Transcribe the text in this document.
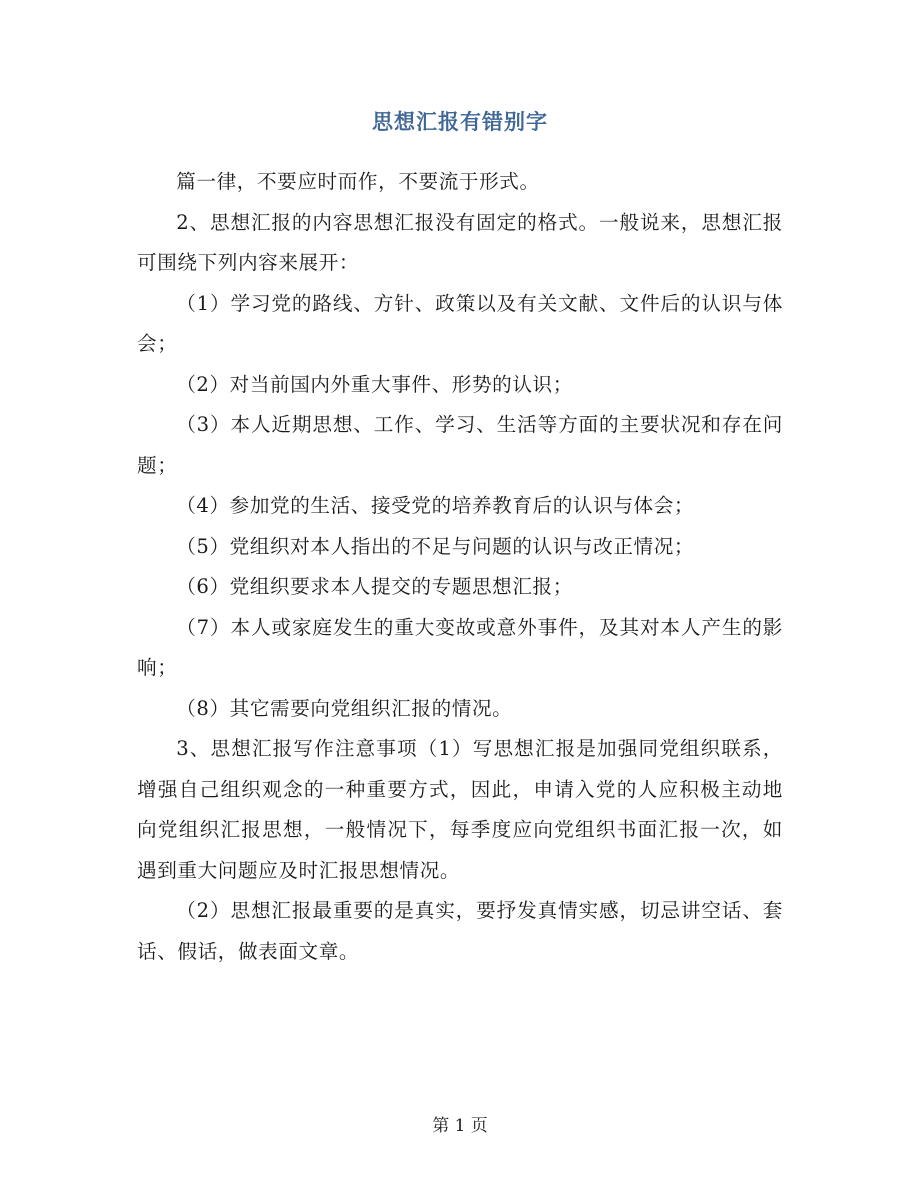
思想汇报有错别字

篇一律，不要应时而作，不要流于形式。

2、思想汇报的内容思想汇报没有固定的格式。一般说来，思想汇报可围绕下列内容来展开：

（1）学习党的路线、方针、政策以及有关文献、文件后的认识与体会；

（2）对当前国内外重大事件、形势的认识；

（3）本人近期思想、工作、学习、生活等方面的主要状况和存在问题；

（4）参加党的生活、接受党的培养教育后的认识与体会；

（5）党组织对本人指出的不足与问题的认识与改正情况；

（6）党组织要求本人提交的专题思想汇报；

（7）本人或家庭发生的重大变故或意外事件，及其对本人产生的影响；

（8）其它需要向党组织汇报的情况。

3、思想汇报写作注意事项（1）写思想汇报是加强同党组织联系，增强自己组织观念的一种重要方式，因此，申请入党的人应积极主动地向党组织汇报思想，一般情况下，每季度应向党组织书面汇报一次，如遇到重大问题应及时汇报思想情况。

（2）思想汇报最重要的是真实，要抒发真情实感，切忌讲空话、套话、假话，做表面文章。

第 1 页
